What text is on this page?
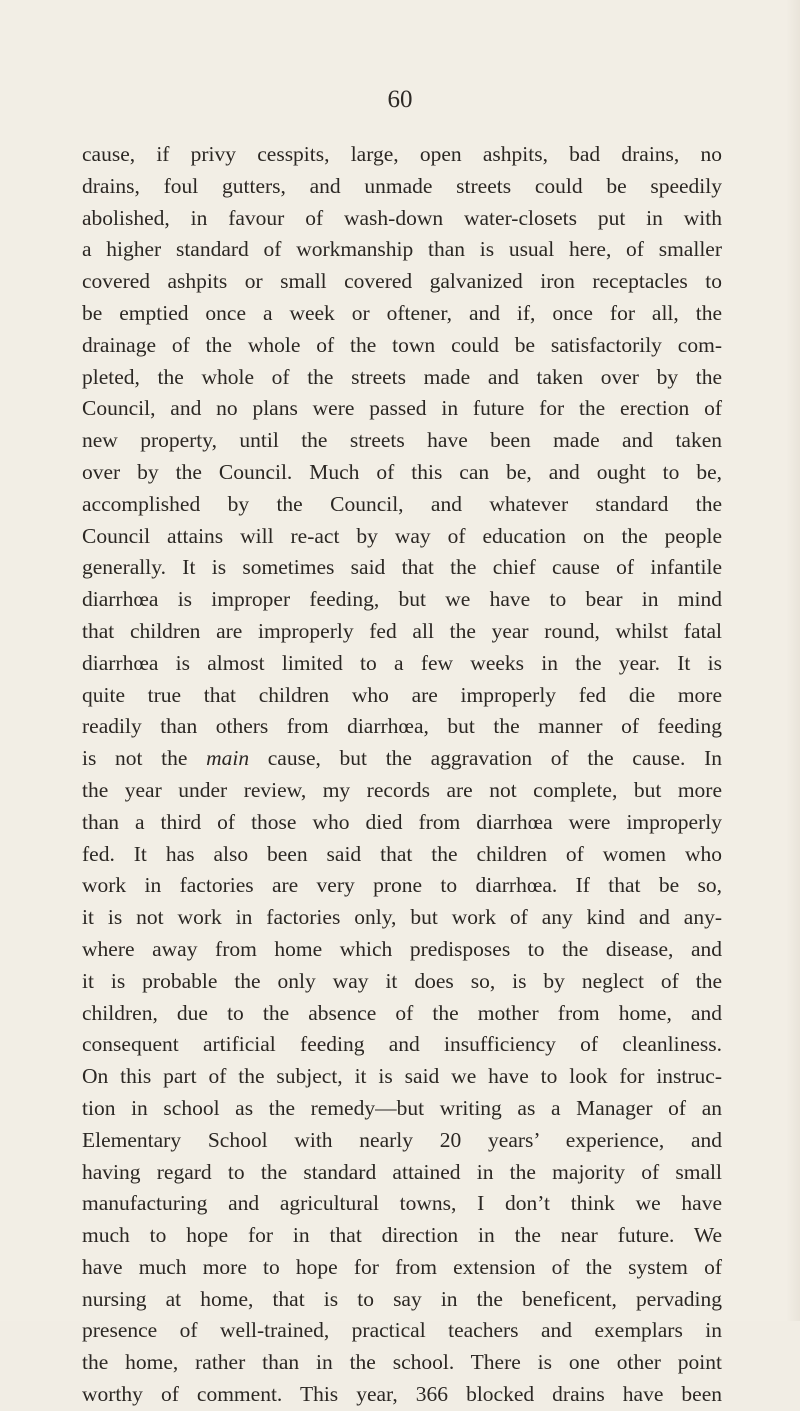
60
cause, if privy cesspits, large, open ashpits, bad drains, no
drains, foul gutters, and unmade streets could be speedily
abolished, in favour of wash-down water-closets put in with
a higher standard of workmanship than is usual here, of smaller
covered ashpits or small covered galvanized iron receptacles to
be emptied once a week or oftener, and if, once for all, the
drainage of the whole of the town could be satisfactorily com-
pleted, the whole of the streets made and taken over by the
Council, and no plans were passed in future for the erection of
new property, until the streets have been made and taken
over by the Council. Much of this can be, and ought to be,
accomplished by the Council, and whatever standard the
Council attains will re-act by way of education on the people
generally. It is sometimes said that the chief cause of infantile
diarrhœa is improper feeding, but we have to bear in mind
that children are improperly fed all the year round, whilst fatal
diarrhœa is almost limited to a few weeks in the year. It is
quite true that children who are improperly fed die more
readily than others from diarrhœa, but the manner of feeding
is not the main cause, but the aggravation of the cause. In
the year under review, my records are not complete, but more
than a third of those who died from diarrhœa were improperly
fed. It has also been said that the children of women who
work in factories are very prone to diarrhœa. If that be so,
it is not work in factories only, but work of any kind and any-
where away from home which predisposes to the disease, and
it is probable the only way it does so, is by neglect of the
children, due to the absence of the mother from home, and
consequent artificial feeding and insufficiency of cleanliness.
On this part of the subject, it is said we have to look for instruc-
tion in school as the remedy—but writing as a Manager of an
Elementary School with nearly 20 years’ experience, and
having regard to the standard attained in the majority of small
manufacturing and agricultural towns, I don’t think we have
much to hope for in that direction in the near future. We
have much more to hope for from extension of the system of
nursing at home, that is to say in the beneficent, pervading
presence of well-trained, practical teachers and exemplars in
the home, rather than in the school. There is one other point
worthy of comment. This year, 366 blocked drains have been
